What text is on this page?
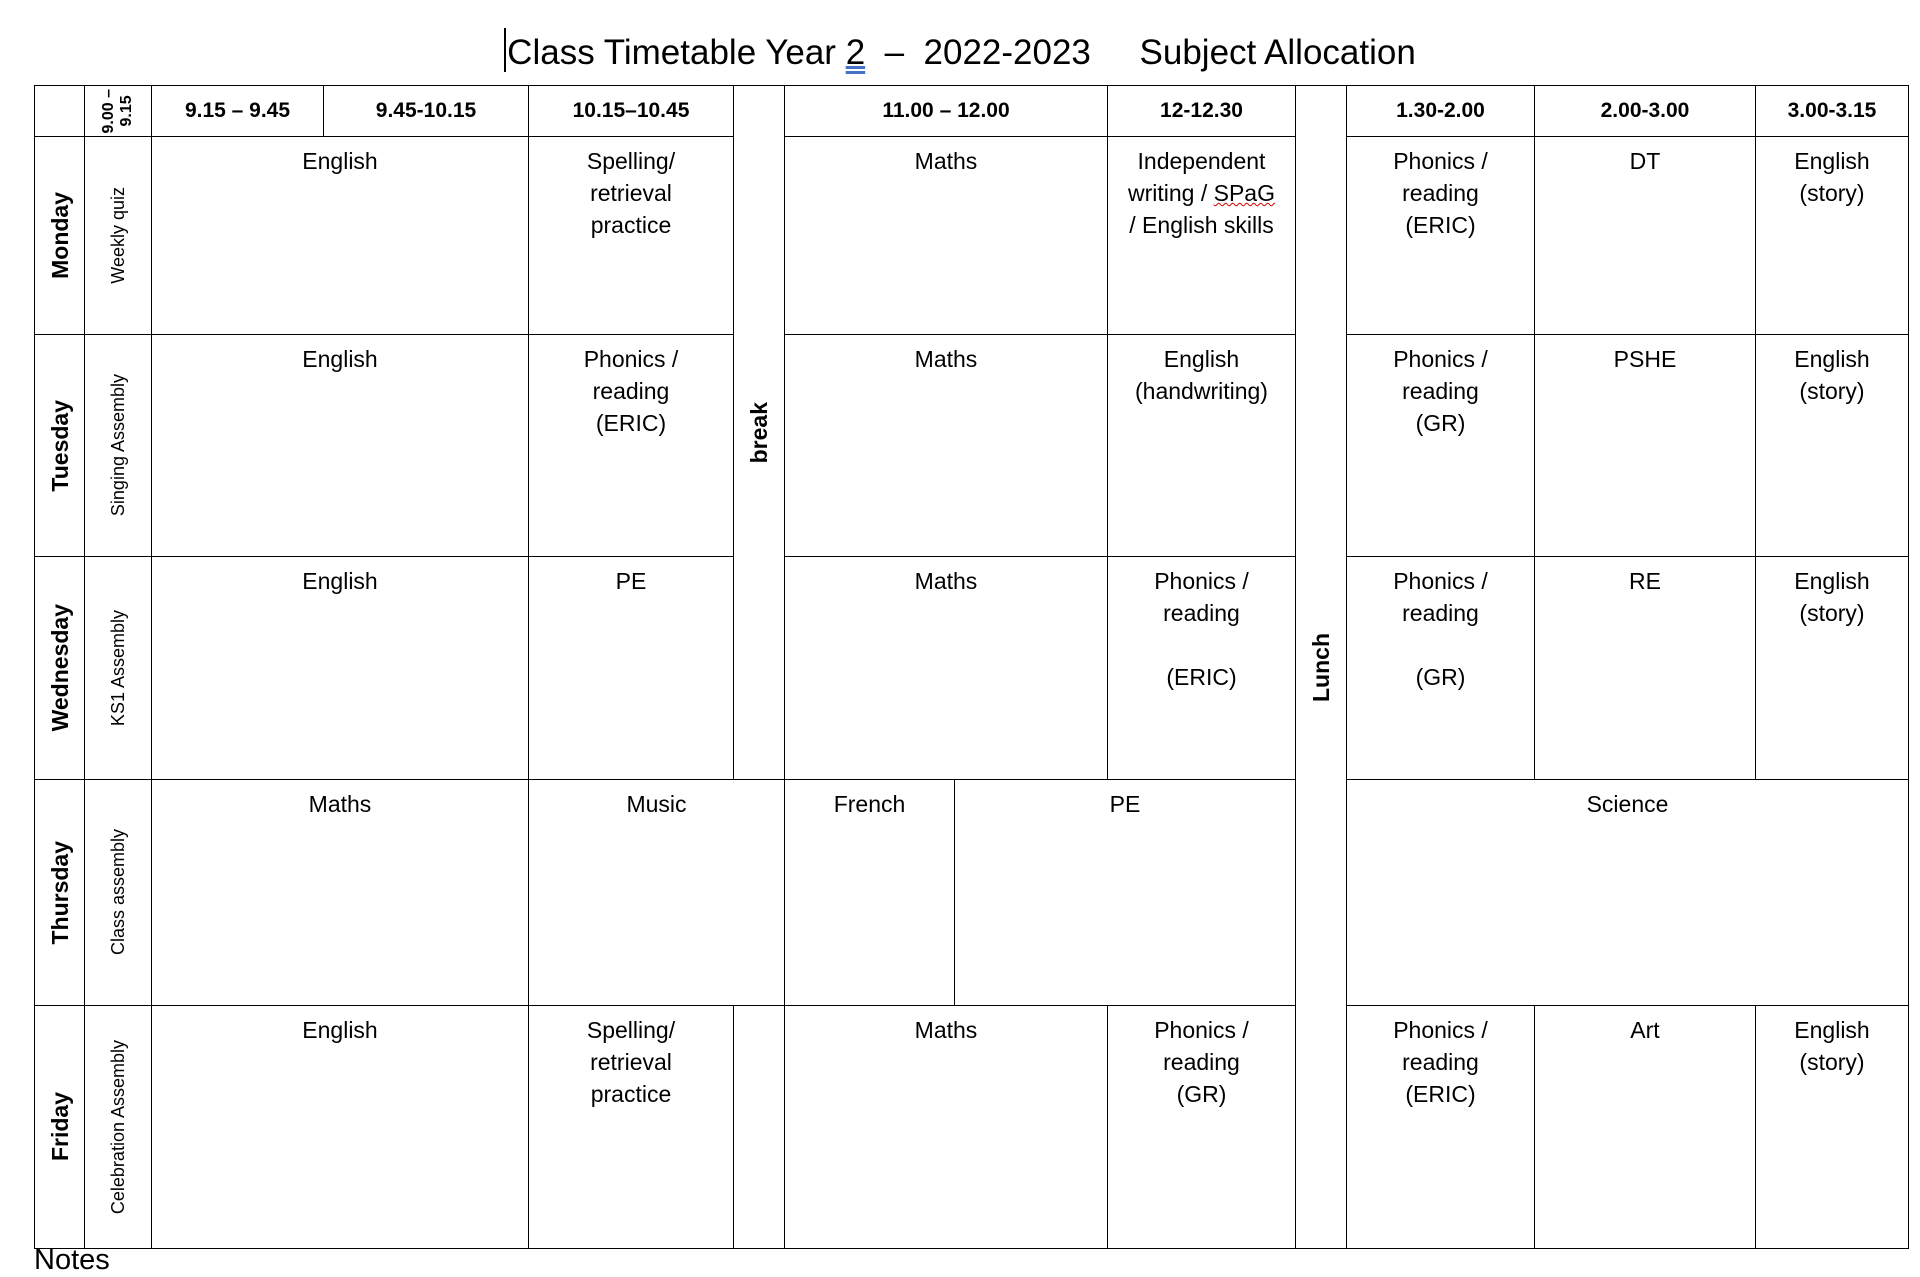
Class Timetable Year 2  –  2022-2023     Subject Allocation

	9.00 –
9.15	9.15 – 9.45	9.45-10.15	10.15–10.45	break	11.00 – 12.00		12-12.30	Lunch	1.30-2.00	2.00-3.00	3.00-3.15

Monday	Weekly quiz	English		Spelling/
retrieval
practice		Maths		Independent
writing / SPaG
/ English skills		Phonics /
reading
(ERIC)	DT	English
(story)

Tuesday	Singing Assembly	English		Phonics /
reading
(ERIC)		Maths		English
(handwriting)		Phonics /
reading
(GR)	PSHE	English
(story)

Wednesday	KS1 Assembly	English		PE		Maths		Phonics /
reading

(ERIC)		Phonics /
reading

(GR)	RE	English
(story)

Thursday	Class assembly	Maths		Music		French	PE			Science		

Friday	Celebration Assembly	English		Spelling/
retrieval
practice		Maths		Phonics /
reading
(GR)		Phonics /
reading
(ERIC)	Art	English
(story)
Notes
